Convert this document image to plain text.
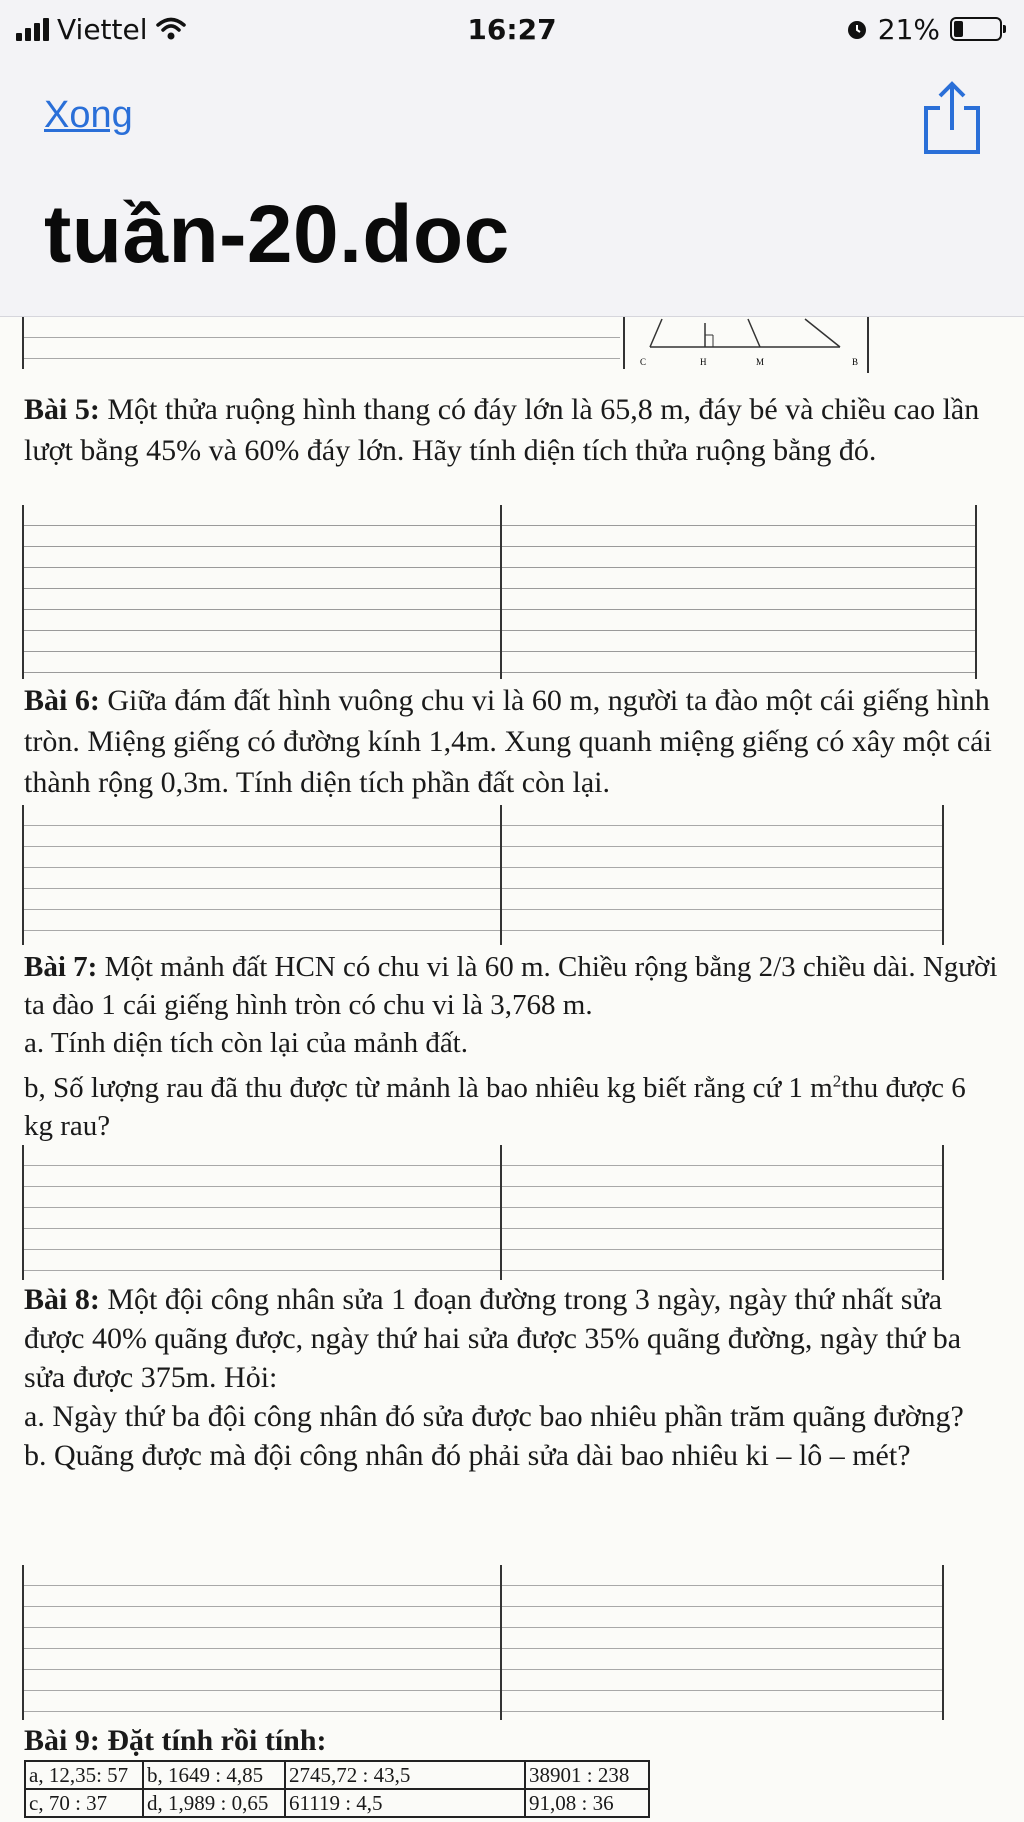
Viettel	16:27	21%
Xong
tuần-20.doc
C	H	M	B

Bài 5: Một thửa ruộng hình thang có đáy lớn là 65,8 m, đáy bé và chiều cao lần lượt bằng 45% và 60% đáy lớn. Hãy tính diện tích thửa ruộng bằng đó.

Bài 6: Giữa đám đất hình vuông chu vi là 60 m, người ta đào một cái giếng hình tròn. Miệng giếng có đường kính 1,4m. Xung quanh miệng giếng có xây một cái thành rộng 0,3m. Tính diện tích phần đất còn lại.

Bài 7: Một mảnh đất HCN có chu vi là 60 m. Chiều rộng bằng 2/3 chiều dài. Người ta đào 1 cái giếng hình tròn có chu vi là 3,768 m.
a. Tính diện tích còn lại của mảnh đất.
b, Số lượng rau đã thu được từ mảnh là bao nhiêu kg biết rằng cứ 1 $m^2thu$ được 6 kg rau?

Bài 8: Một đội công nhân sửa 1 đoạn đường trong 3 ngày, ngày thứ nhất sửa được 40% quãng được, ngày thứ hai sửa được 35% quãng đường, ngày thứ ba sửa được 375m. Hỏi:
a. Ngày thứ ba đội công nhân đó sửa được bao nhiêu phần trăm quãng đường?
b. Quãng được mà đội công nhân đó phải sửa dài bao nhiêu ki – lô – mét?

Bài 9: Đặt tính rồi tính:

a, 12,35: 57	b, 1649 : 4,85	2745,72 : 43,5	38901 : 238
c, 70 : 37	d, 1,989 : 0,65	61119 : 4,5	91,08 : 36
